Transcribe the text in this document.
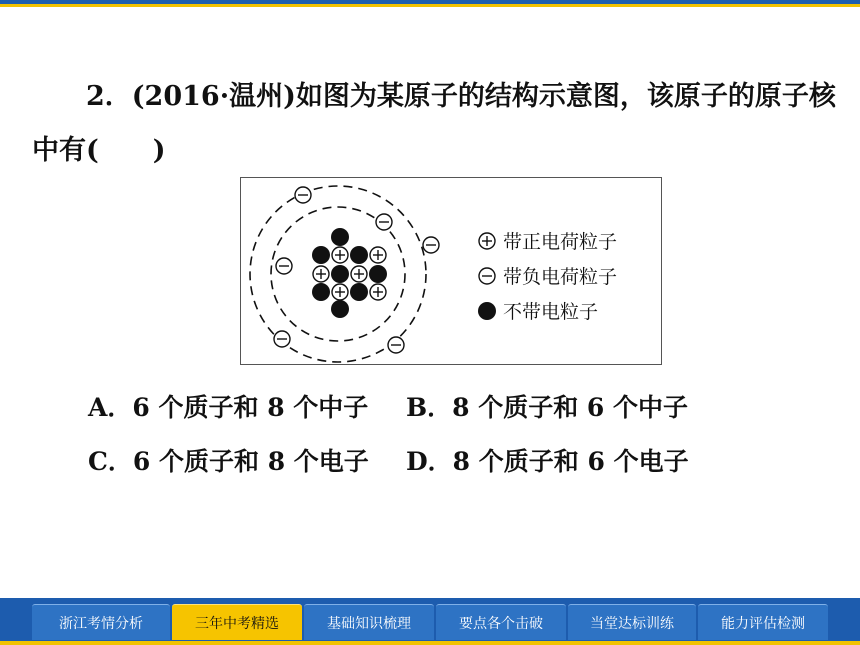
2．(2016·温州)如图为某原子的结构示意图，该原子的原子核
中有(　　)
带正电荷粒子
带负电荷粒子
不带电粒子
A．6 个质子和 8 个中子 B．8 个质子和 6 个中子
C．6 个质子和 8 个电子 D．8 个质子和 6 个电子
浙江考情分析	三年中考精选	基础知识梳理	要点各个击破	当堂达标训练	能力评估检测
